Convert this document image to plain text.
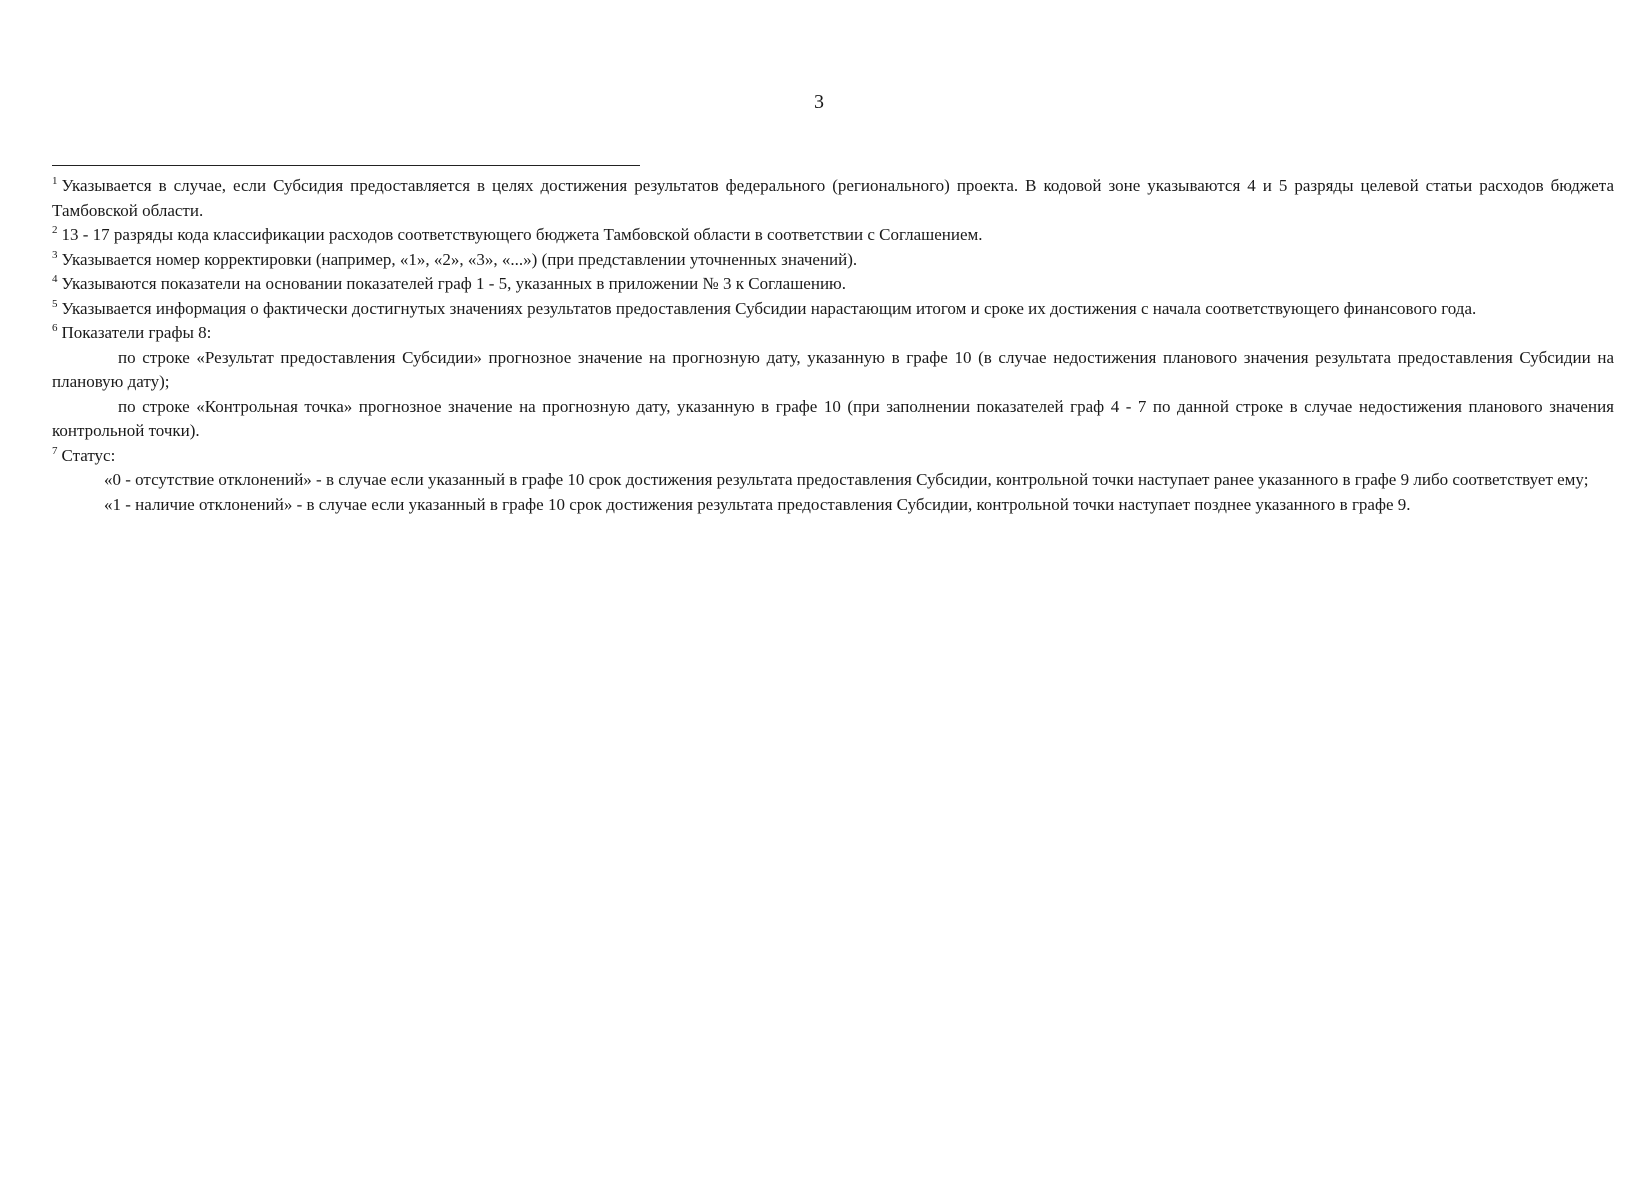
3

$^1$ Указывается в случае, если Субсидия предоставляется в целях достижения результатов федерального (регионального) проекта. В кодовой зоне указываются 4 и 5 разряды целевой статьи расходов бюджета Тамбовской области.

$^2$ 13 - 17 разряды кода классификации расходов соответствующего бюджета Тамбовской области в соответствии с Соглашением.

$^3$ Указывается номер корректировки (например, «1», «2», «3», «...») (при представлении уточненных значений).

$^4$ Указываются показатели на основании показателей граф 1 - 5, указанных в приложении № 3 к Соглашению.

$^5$ Указывается информация о фактически достигнутых значениях результатов предоставления Субсидии нарастающим итогом и сроке их достижения с начала соответствующего финансового года.

$^6$ Показатели графы 8:

по строке «Результат предоставления Субсидии» прогнозное значение на прогнозную дату, указанную в графе 10 (в случае недостижения планового значения результата предоставления Субсидии на плановую дату);

по строке «Контрольная точка» прогнозное значение на прогнозную дату, указанную в графе 10 (при заполнении показателей граф 4 - 7 по данной строке в случае недостижения планового значения контрольной точки).

$^7$ Статус:

«0 - отсутствие отклонений» - в случае если указанный в графе 10 срок достижения результата предоставления Субсидии, контрольной точки наступает ранее указанного в графе 9 либо соответствует ему;

«1 - наличие отклонений» - в случае если указанный в графе 10 срок достижения результата предоставления Субсидии, контрольной точки наступает позднее указанного в графе 9.
